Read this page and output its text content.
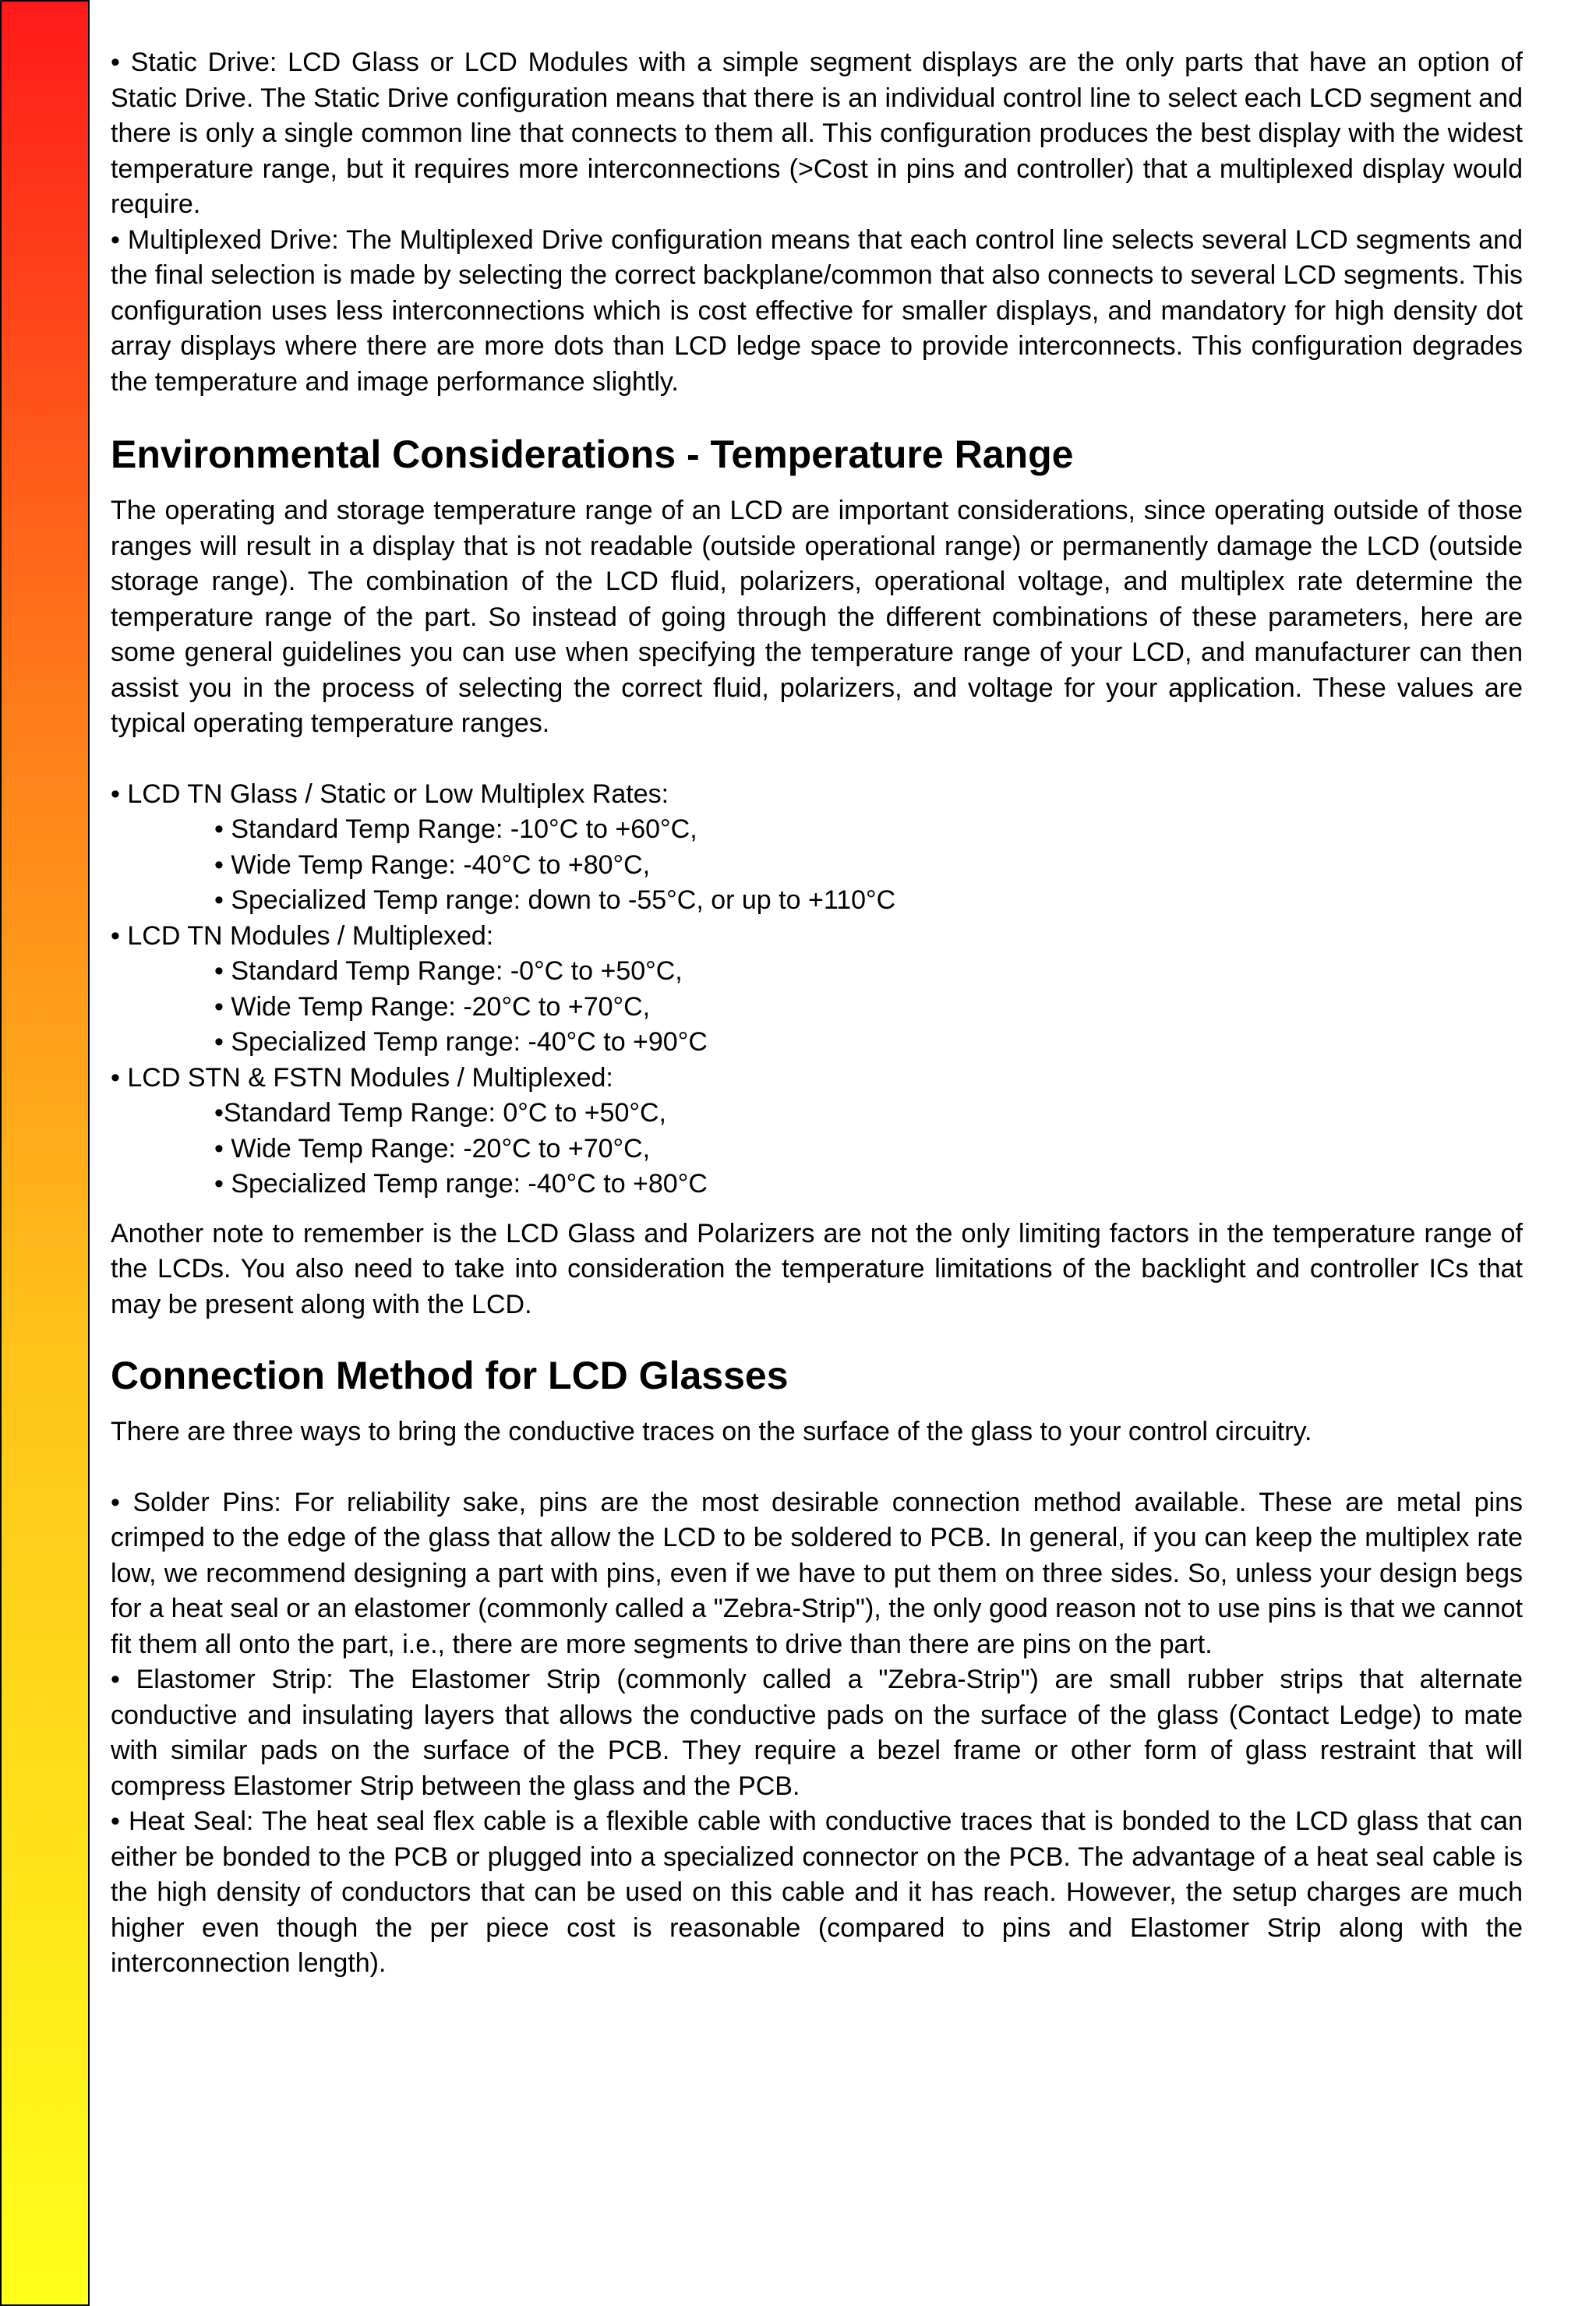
• Static Drive: LCD Glass or LCD Modules with a simple segment displays are the only parts that have an option of Static Drive. The Static Drive configuration means that there is an individual control line to select each LCD segment and there is only a single common line that connects to them all. This configuration produces the best display with the widest temperature range, but it requires more interconnections (>Cost in pins and controller) that a multiplexed display would require.

• Multiplexed Drive: The Multiplexed Drive configuration means that each control line selects several LCD segments and the final selection is made by selecting the correct backplane/common that also connects to several LCD segments. This configuration uses less interconnections which is cost effective for smaller displays, and mandatory for high density dot array displays where there are more dots than LCD ledge space to provide interconnects. This configuration degrades the temperature and image performance slightly.

Environmental Considerations - Temperature Range

The operating and storage temperature range of an LCD are important considerations, since operating outside of those ranges will result in a display that is not readable (outside operational range) or permanently damage the LCD (outside storage range). The combination of the LCD fluid, polarizers, operational voltage, and multiplex rate determine the temperature range of the part. So instead of going through the different combinations of these parameters, here are some general guidelines you can use when specifying the temperature range of your LCD, and manufacturer can then assist you in the process of selecting the correct fluid, polarizers, and voltage for your application. These values are typical operating temperature ranges.

• LCD TN Glass / Static or Low Multiplex Rates:

• Standard Temp Range: -10°C to +60°C,

• Wide Temp Range: -40°C to +80°C,

• Specialized Temp range: down to -55°C, or up to +110°C

• LCD TN Modules / Multiplexed:

• Standard Temp Range: -0°C to +50°C,

• Wide Temp Range: -20°C to +70°C,

• Specialized Temp range: -40°C to +90°C

• LCD STN & FSTN Modules / Multiplexed:

•Standard Temp Range: 0°C to +50°C,

• Wide Temp Range: -20°C to +70°C,

• Specialized Temp range: -40°C to +80°C

Another note to remember is the LCD Glass and Polarizers are not the only limiting factors in the temperature range of the LCDs. You also need to take into consideration the temperature limitations of the backlight and controller ICs that may be present along with the LCD.

Connection Method for LCD Glasses

There are three ways to bring the conductive traces on the surface of the glass to your control circuitry.

• Solder Pins: For reliability sake, pins are the most desirable connection method available. These are metal pins crimped to the edge of the glass that allow the LCD to be soldered to PCB. In general, if you can keep the multiplex rate low, we recommend designing a part with pins, even if we have to put them on three sides. So, unless your design begs for a heat seal or an elastomer (commonly called a "Zebra-Strip"), the only good reason not to use pins is that we cannot fit them all onto the part, i.e., there are more segments to drive than there are pins on the part.

• Elastomer Strip: The Elastomer Strip (commonly called a "Zebra-Strip") are small rubber strips that alternate conductive and insulating layers that allows the conductive pads on the surface of the glass (Contact Ledge) to mate with similar pads on the surface of the PCB. They require a bezel frame or other form of glass restraint that will compress Elastomer Strip between the glass and the PCB.

• Heat Seal: The heat seal flex cable is a flexible cable with conductive traces that is bonded to the LCD glass that can either be bonded to the PCB or plugged into a specialized connector on the PCB. The advantage of a heat seal cable is the high density of conductors that can be used on this cable and it has reach. However, the setup charges are much higher even though the per piece cost is reasonable (compared to pins and Elastomer Strip along with the interconnection length).
